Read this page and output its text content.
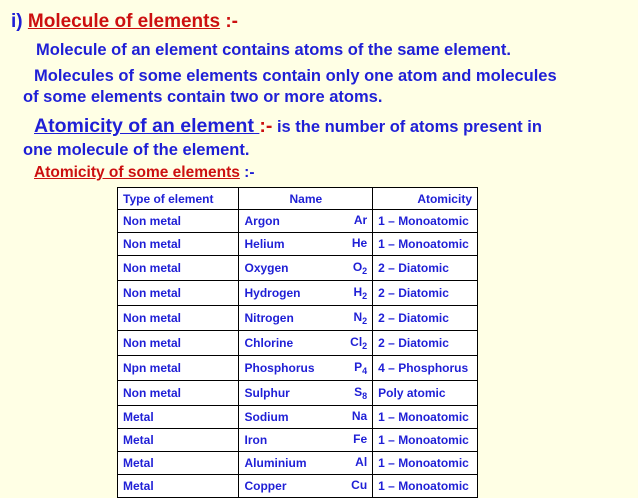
i) Molecule of elements :-
Molecule of an element contains atoms of the same element.
Molecules of some elements contain only one atom and molecules
of some elements contain two or more atoms.
Atomicity of an element :- is the number of atoms present in
one molecule of the element.
Atomicity of some elements :-
Type of element	Name	Atomicity
Non metal	Argon Ar	1 – Monoatomic
Non metal	Helium He	1 – Monoatomic
Non metal	Oxygen $O_2$	2 – Diatomic
Non metal	Hydrogen $H_2$	2 – Diatomic
Non metal	Nitrogen $N_2$	2 – Diatomic
Non metal	Chlorine $Cl_2$	2 – Diatomic
Npn metal	Phosphorus $P_4$	4 – Phosphorus
Non metal	Sulphur $S_8$	Poly atomic
Metal	Sodium Na	1 – Monoatomic
Metal	Iron Fe	1 – Monoatomic
Metal	Aluminium Al	1 – Monoatomic
Metal	Copper Cu	1 – Monoatomic
